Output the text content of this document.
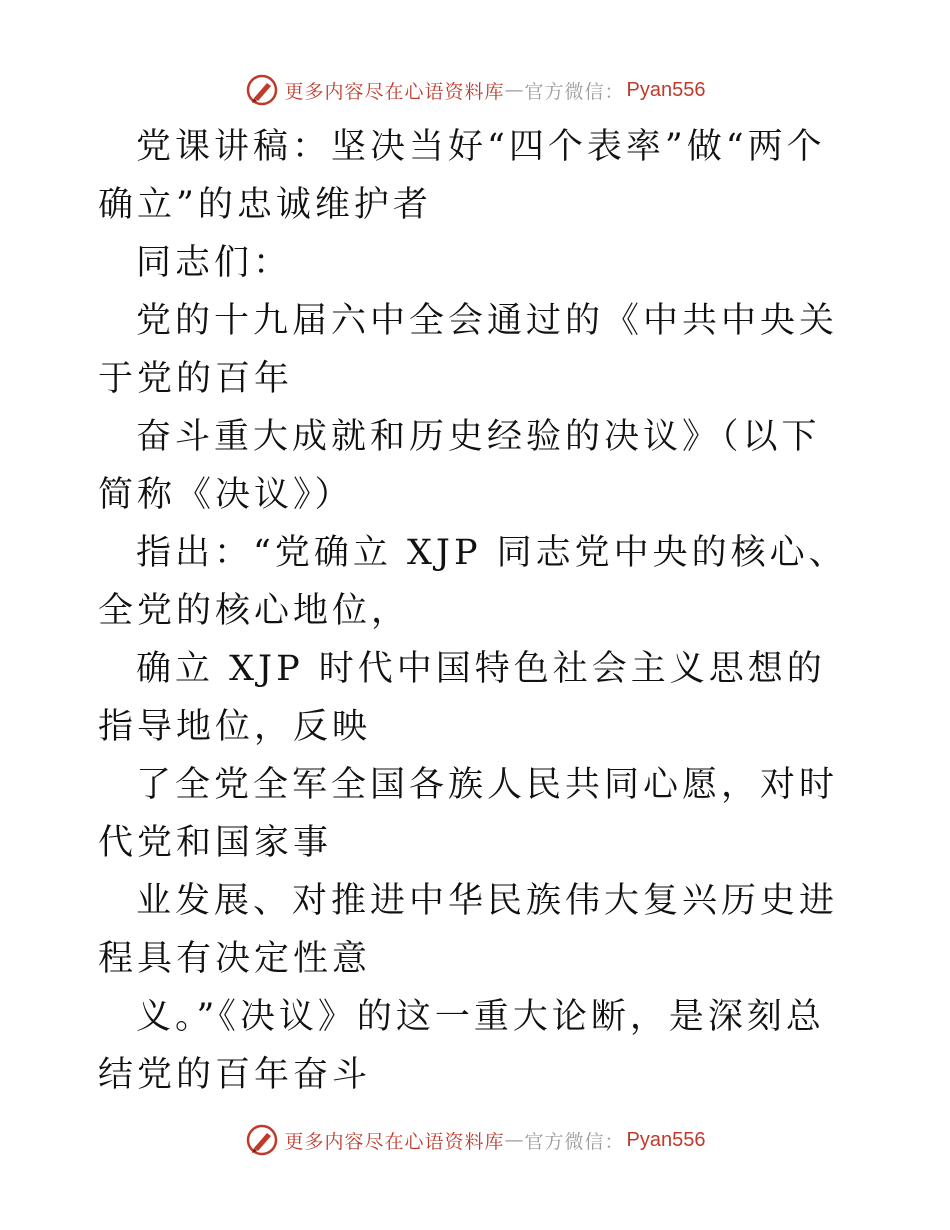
更多内容尽在心语资料库 — 官方微信： Pyan556

党课讲稿：坚决当好“四个表率”做“两个确立”的忠诚维护者

同志们：

党的十九届六中全会通过的《中共中央关于党的百年

奋斗重大成就和历史经验的决议》（以下简称《决议》）

指出：“党确立 XJP 同志党中央的核心、全党的核心地位，

确立 XJP 时代中国特色社会主义思想的指导地位，反映

了全党全军全国各族人民共同心愿，对时代党和国家事

业发展、对推进中华民族伟大复兴历史进程具有决定性意

义。”《决议》的这一重大论断，是深刻总结党的百年奋斗

更多内容尽在心语资料库 — 官方微信： Pyan556
